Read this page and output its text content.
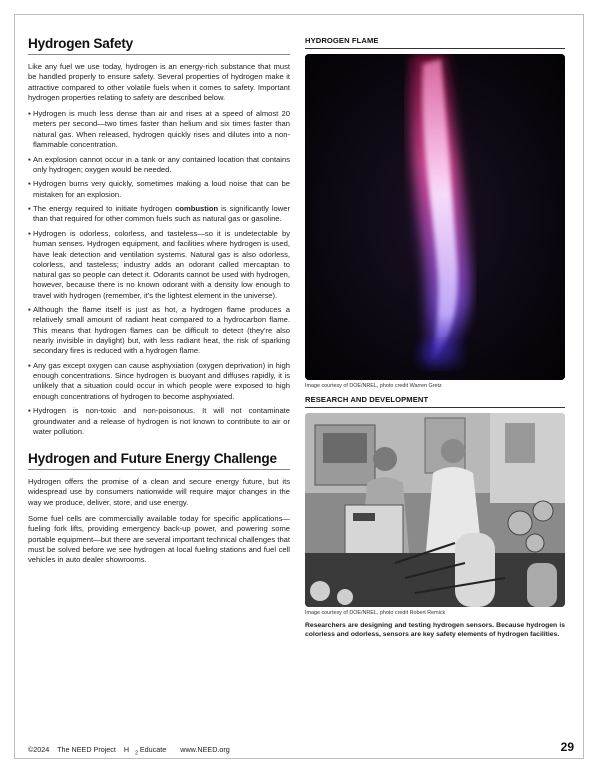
Hydrogen Safety

Like any fuel we use today, hydrogen is an energy-rich substance that must be handled properly to ensure safety. Several properties of hydrogen make it attractive compared to other volatile fuels when it comes to safety. Important hydrogen properties relating to safety are described below.

▪ Hydrogen is much less dense than air and rises at a speed of almost 20 meters per second—two times faster than helium and six times faster than natural gas. When released, hydrogen quickly rises and dilutes into a non-flammable concentration.
▪ An explosion cannot occur in a tank or any contained location that contains only hydrogen; oxygen would be needed.
▪ Hydrogen burns very quickly, sometimes making a loud noise that can be mistaken for an explosion.
▪ The energy required to initiate hydrogen combustion is significantly lower than that required for other common fuels such as natural gas or gasoline.
▪ Hydrogen is odorless, colorless, and tasteless—so it is undetectable by human senses. Hydrogen equipment, and facilities where hydrogen is used, have leak detection and ventilation systems. Natural gas is also odorless, colorless, and tasteless; industry adds an odorant called mercaptan to natural gas so people can detect it. Odorants cannot be used with hydrogen, however, because there is no known odorant with a density low enough to travel with hydrogen (remember, it's the lightest element in the universe).
▪ Although the flame itself is just as hot, a hydrogen flame produces a relatively small amount of radiant heat compared to a hydrocarbon flame. This means that hydrogen flames can be difficult to detect (they're also nearly invisible in daylight) but, with less radiant heat, the risk of sparking secondary fires is reduced with a hydrogen flame.
▪ Any gas except oxygen can cause asphyxiation (oxygen deprivation) in high enough concentrations. Since hydrogen is buoyant and diffuses rapidly, it is unlikely that a situation could occur in which people were exposed to high enough concentrations of hydrogen to become asphyxiated.
▪ Hydrogen is non-toxic and non-poisonous. It will not contaminate groundwater and a release of hydrogen is not known to contribute to air or water pollution.
Hydrogen and Future Energy Challenge

Hydrogen offers the promise of a clean and secure energy future, but its widespread use by consumers nationwide will require major changes in the way we produce, deliver, store, and use energy.

Some fuel cells are commercially available today for specific applications—fueling fork lifts, providing emergency back-up power, and powering some portable equipment—but there are several important technical challenges that must be solved before we see hydrogen at local fueling stations and fuel cell vehicles in auto dealer showrooms.

HYDROGEN FLAME
Image courtesy of DOE/NREL, photo credit Warren Gretz
RESEARCH AND DEVELOPMENT
Image courtesy of DOE/NREL, photo credit Robert Remick
Researchers are designing and testing hydrogen sensors. Because hydrogen is colorless and odorless, sensors are key safety elements of hydrogen facilities.
©2024 The NEED Project H $_2$ Educate www.NEED.org	29
